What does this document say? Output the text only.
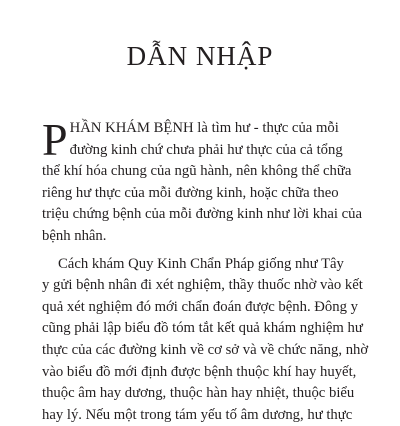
DẪN NHẬP
P HẦN KHÁM BỆNH là tìm hư - thực của mỗi
đường kinh chứ chưa phải hư thực của cả tổng
thể khí hóa chung của ngũ hành, nên không thể chữa
riêng hư thực của mỗi đường kinh, hoặc chữa theo
triệu chứng bệnh của mỗi đường kinh như lời khai của
bệnh nhân.
Cách khám Quy Kinh Chẩn Pháp giống như Tây
y gửi bệnh nhân đi xét nghiệm, thầy thuốc nhờ vào kết
quả xét nghiệm đó mới chẩn đoán được bệnh. Đông y
cũng phải lập biểu đồ tóm tắt kết quả khám nghiệm hư
thực của các đường kinh về cơ sở và về chức năng, nhờ
vào biểu đồ mới định được bệnh thuộc khí hay huyết,
thuộc âm hay dương, thuộc hàn hay nhiệt, thuộc biểu
hay lý. Nếu một trong tám yếu tố âm dương, hư thực
